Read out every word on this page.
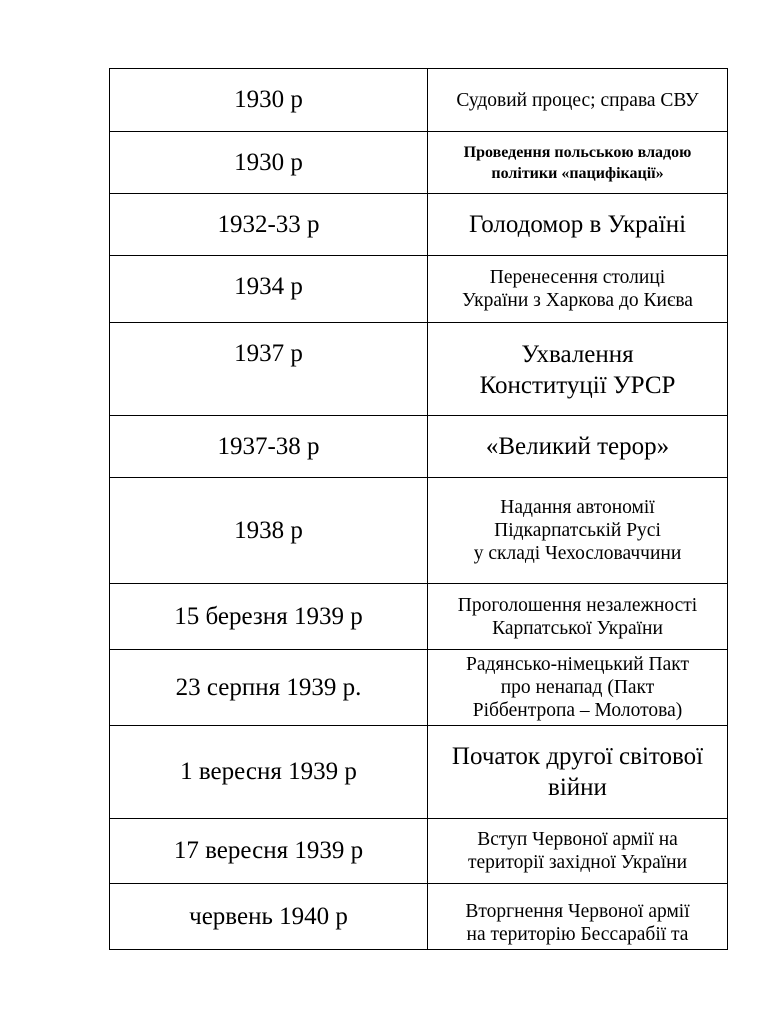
1930 р	Судовий процес; справа СВУ

1930 р	Проведення польською владою
політики «пацифікації»

1932-33 р	Голодомор в Україні

1934 р	Перенесення столиці
України з Харкова до Києва

1937 р	Ухвалення
Конституції УРСР

1937-38 р	«Великий терор»

1938 р	Надання автономії
Підкарпатській Русі
у складі Чехословаччини

15 березня 1939 р	Проголошення незалежності
Карпатської України

23 серпня 1939 р.	Радянсько-німецький Пакт
про ненапад (Пакт
Ріббентропа – Молотова)

1 вересня 1939 р	Початок другої світової
війни

17 вересня 1939 р	Вступ Червоної армії на
території західної України

червень 1940 р	Вторгнення Червоної армії
на територію Бессарабії та
